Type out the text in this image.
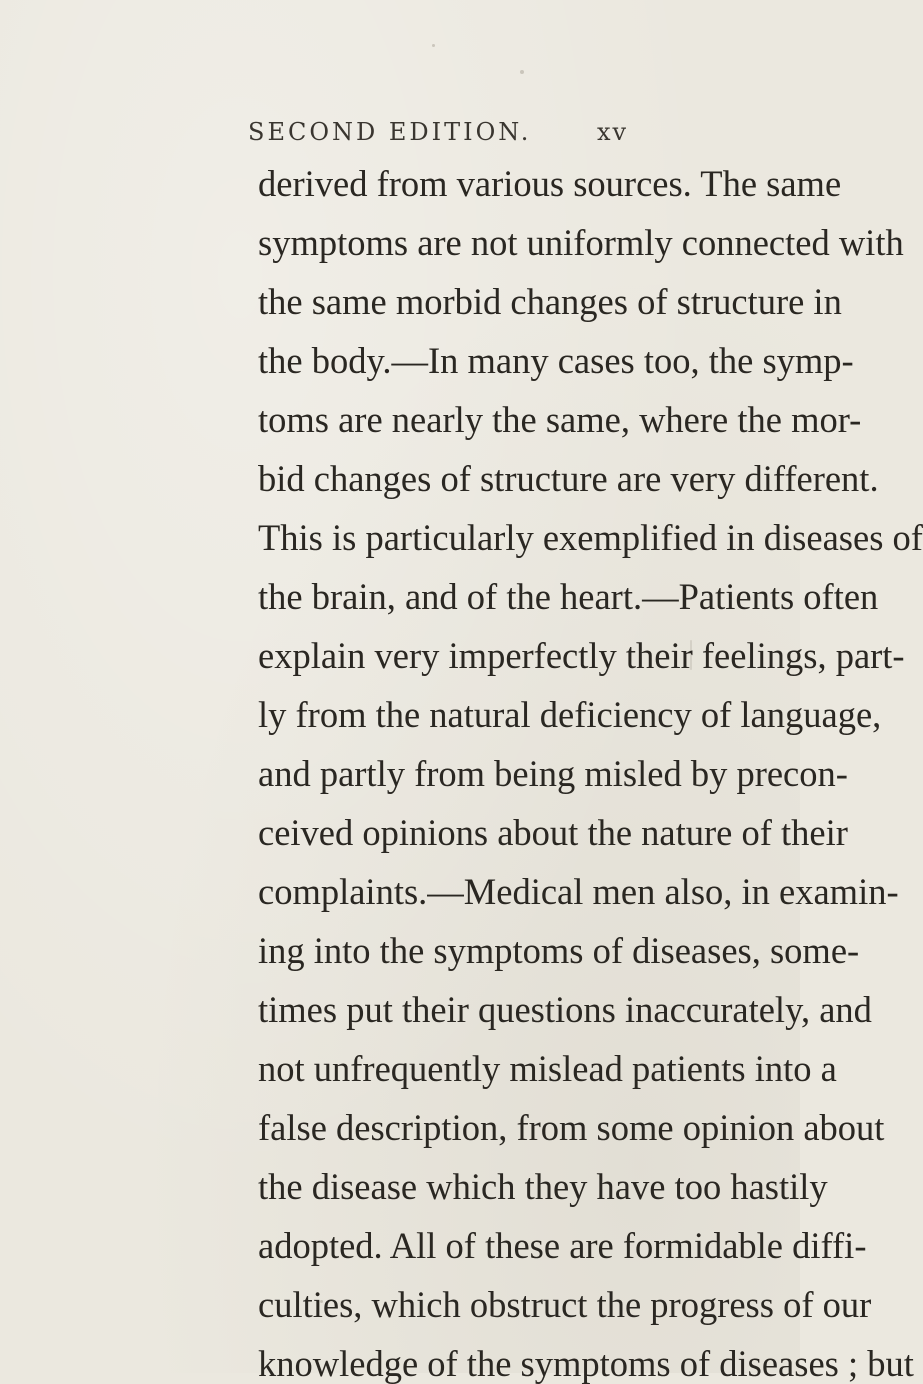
SECOND EDITION.	xv
derived from various sources. The same
symptoms are not uniformly connected with
the same morbid changes of structure in
the body.—In many cases too, the symp-
toms are nearly the same, where the mor-
bid changes of structure are very different.
This is particularly exemplified in diseases of
the brain, and of the heart.—Patients often
explain very imperfectly their feelings, part-
ly from the natural deficiency of language,
and partly from being misled by precon-
ceived opinions about the nature of their
complaints.—Medical men also, in examin-
ing into the symptoms of diseases, some-
times put their questions inaccurately, and
not unfrequently mislead patients into a
false description, from some opinion about
the disease which they have too hastily
adopted. All of these are formidable diffi-
culties, which obstruct the progress of our
knowledge of the symptoms of diseases ; but
